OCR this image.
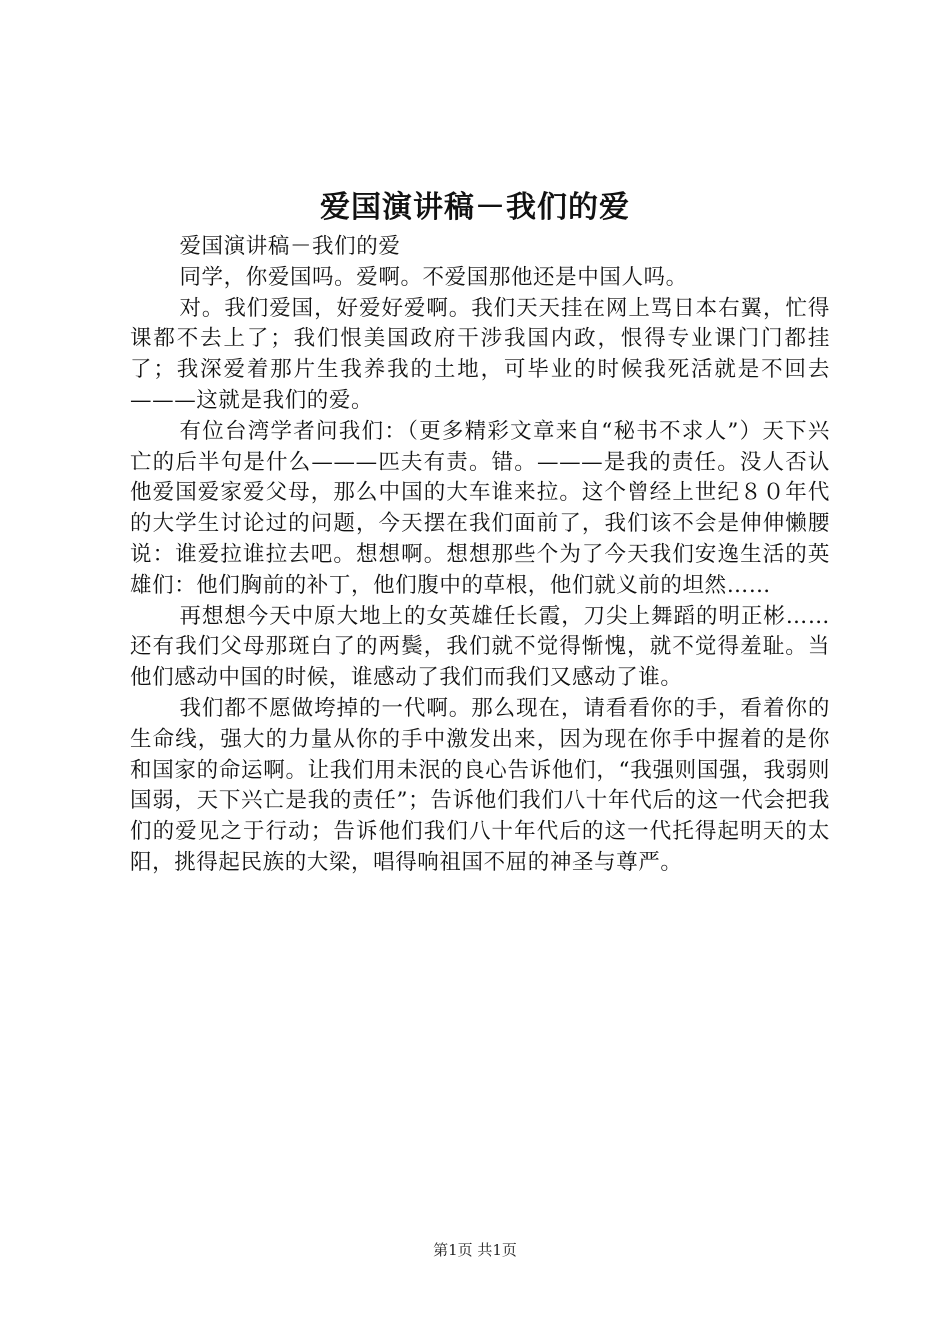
爱国演讲稿－我们的爱

爱国演讲稿－我们的爱

同学，你爱国吗。爱啊。不爱国那他还是中国人吗。

对。我们爱国，好爱好爱啊。我们天天挂在网上骂日本右翼，忙得课都不去上了；我们恨美国政府干涉我国内政，恨得专业课门门都挂了；我深爱着那片生我养我的土地，可毕业的时候我死活就是不回去———这就是我们的爱。

有位台湾学者问我们：（更多精彩文章来自“秘书不求人”）天下兴亡的后半句是什么———匹夫有责。错。———是我的责任。没人否认他爱国爱家爱父母，那么中国的大车谁来拉。这个曾经上世纪８０年代的大学生讨论过的问题，今天摆在我们面前了，我们该不会是伸伸懒腰说：谁爱拉谁拉去吧。想想啊。想想那些个为了今天我们安逸生活的英雄们：他们胸前的补丁，他们腹中的草根，他们就义前的坦然……

再想想今天中原大地上的女英雄任长霞，刀尖上舞蹈的明正彬……还有我们父母那斑白了的两鬓，我们就不觉得惭愧，就不觉得羞耻。当他们感动中国的时候，谁感动了我们而我们又感动了谁。

我们都不愿做垮掉的一代啊。那么现在，请看看你的手，看着你的生命线，强大的力量从你的手中激发出来，因为现在你手中握着的是你和国家的命运啊。让我们用未泯的良心告诉他们，“我强则国强，我弱则国弱，天下兴亡是我的责任”；告诉他们我们八十年代后的这一代会把我们的爱见之于行动；告诉他们我们八十年代后的这一代托得起明天的太阳，挑得起民族的大梁，唱得响祖国不屈的神圣与尊严。

第1页 共1页
